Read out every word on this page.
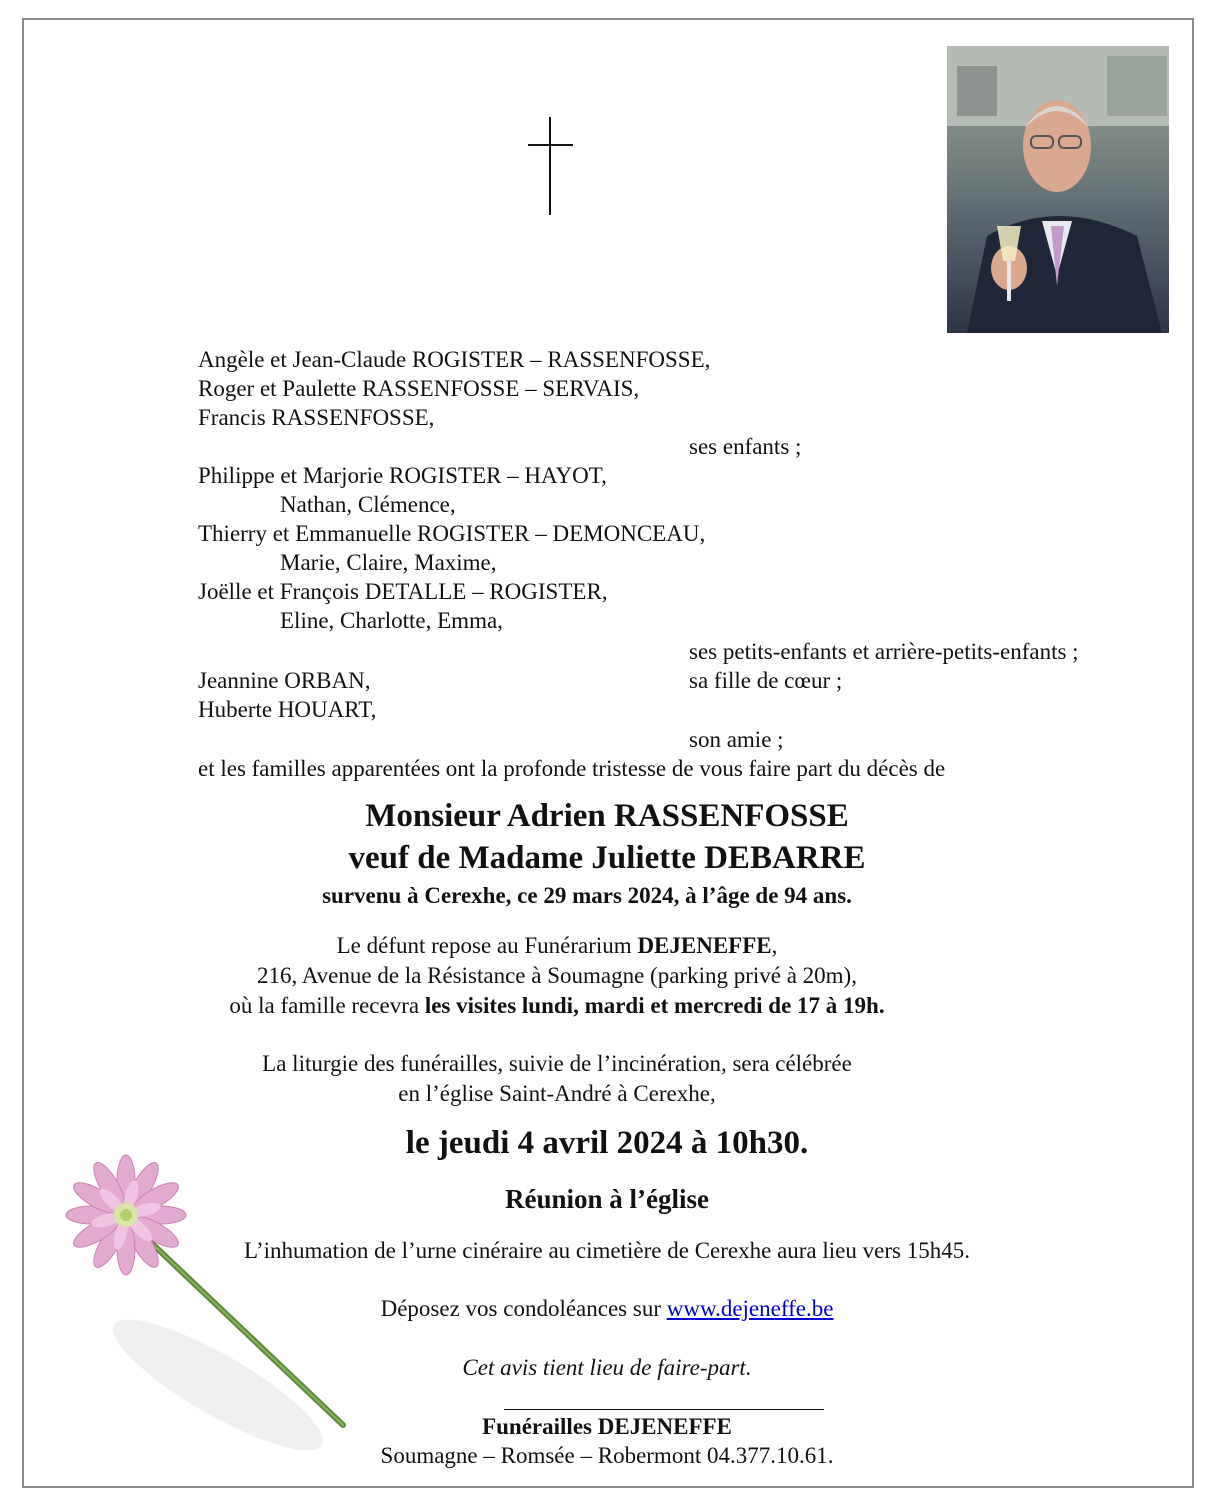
Angèle et Jean-Claude ROGISTER – RASSENFOSSE,
Roger et Paulette RASSENFOSSE – SERVAIS,
Francis RASSENFOSSE,
ses enfants ;
Philippe et Marjorie ROGISTER – HAYOT,
Nathan, Clémence,
Thierry et Emmanuelle ROGISTER – DEMONCEAU,
Marie, Claire, Maxime,
Joëlle et François DETALLE – ROGISTER,
Eline, Charlotte, Emma,
ses petits-enfants et arrière-petits-enfants ;
Jeannine ORBAN,	sa fille de cœur ;
Huberte HOUART,
son amie ;
et les familles apparentées ont la profonde tristesse de vous faire part du décès de
Monsieur Adrien RASSENFOSSE
veuf de Madame Juliette DEBARRE
survenu à Cerexhe, ce 29 mars 2024, à l’âge de 94 ans.
Le défunt repose au Funérarium DEJENEFFE,
216, Avenue de la Résistance à Soumagne (parking privé à 20m),
où la famille recevra les visites lundi, mardi et mercredi de 17 à 19h.
La liturgie des funérailles, suivie de l’incinération, sera célébrée
en l’église Saint-André à Cerexhe,
le jeudi 4 avril 2024 à 10h30.
Réunion à l’église
L’inhumation de l’urne cinéraire au cimetière de Cerexhe aura lieu vers 15h45.
Déposez vos condoléances sur www.dejeneffe.be
Cet avis tient lieu de faire-part.
Funérailles DEJENEFFE
Soumagne – Romsée – Robermont 04.377.10.61.
